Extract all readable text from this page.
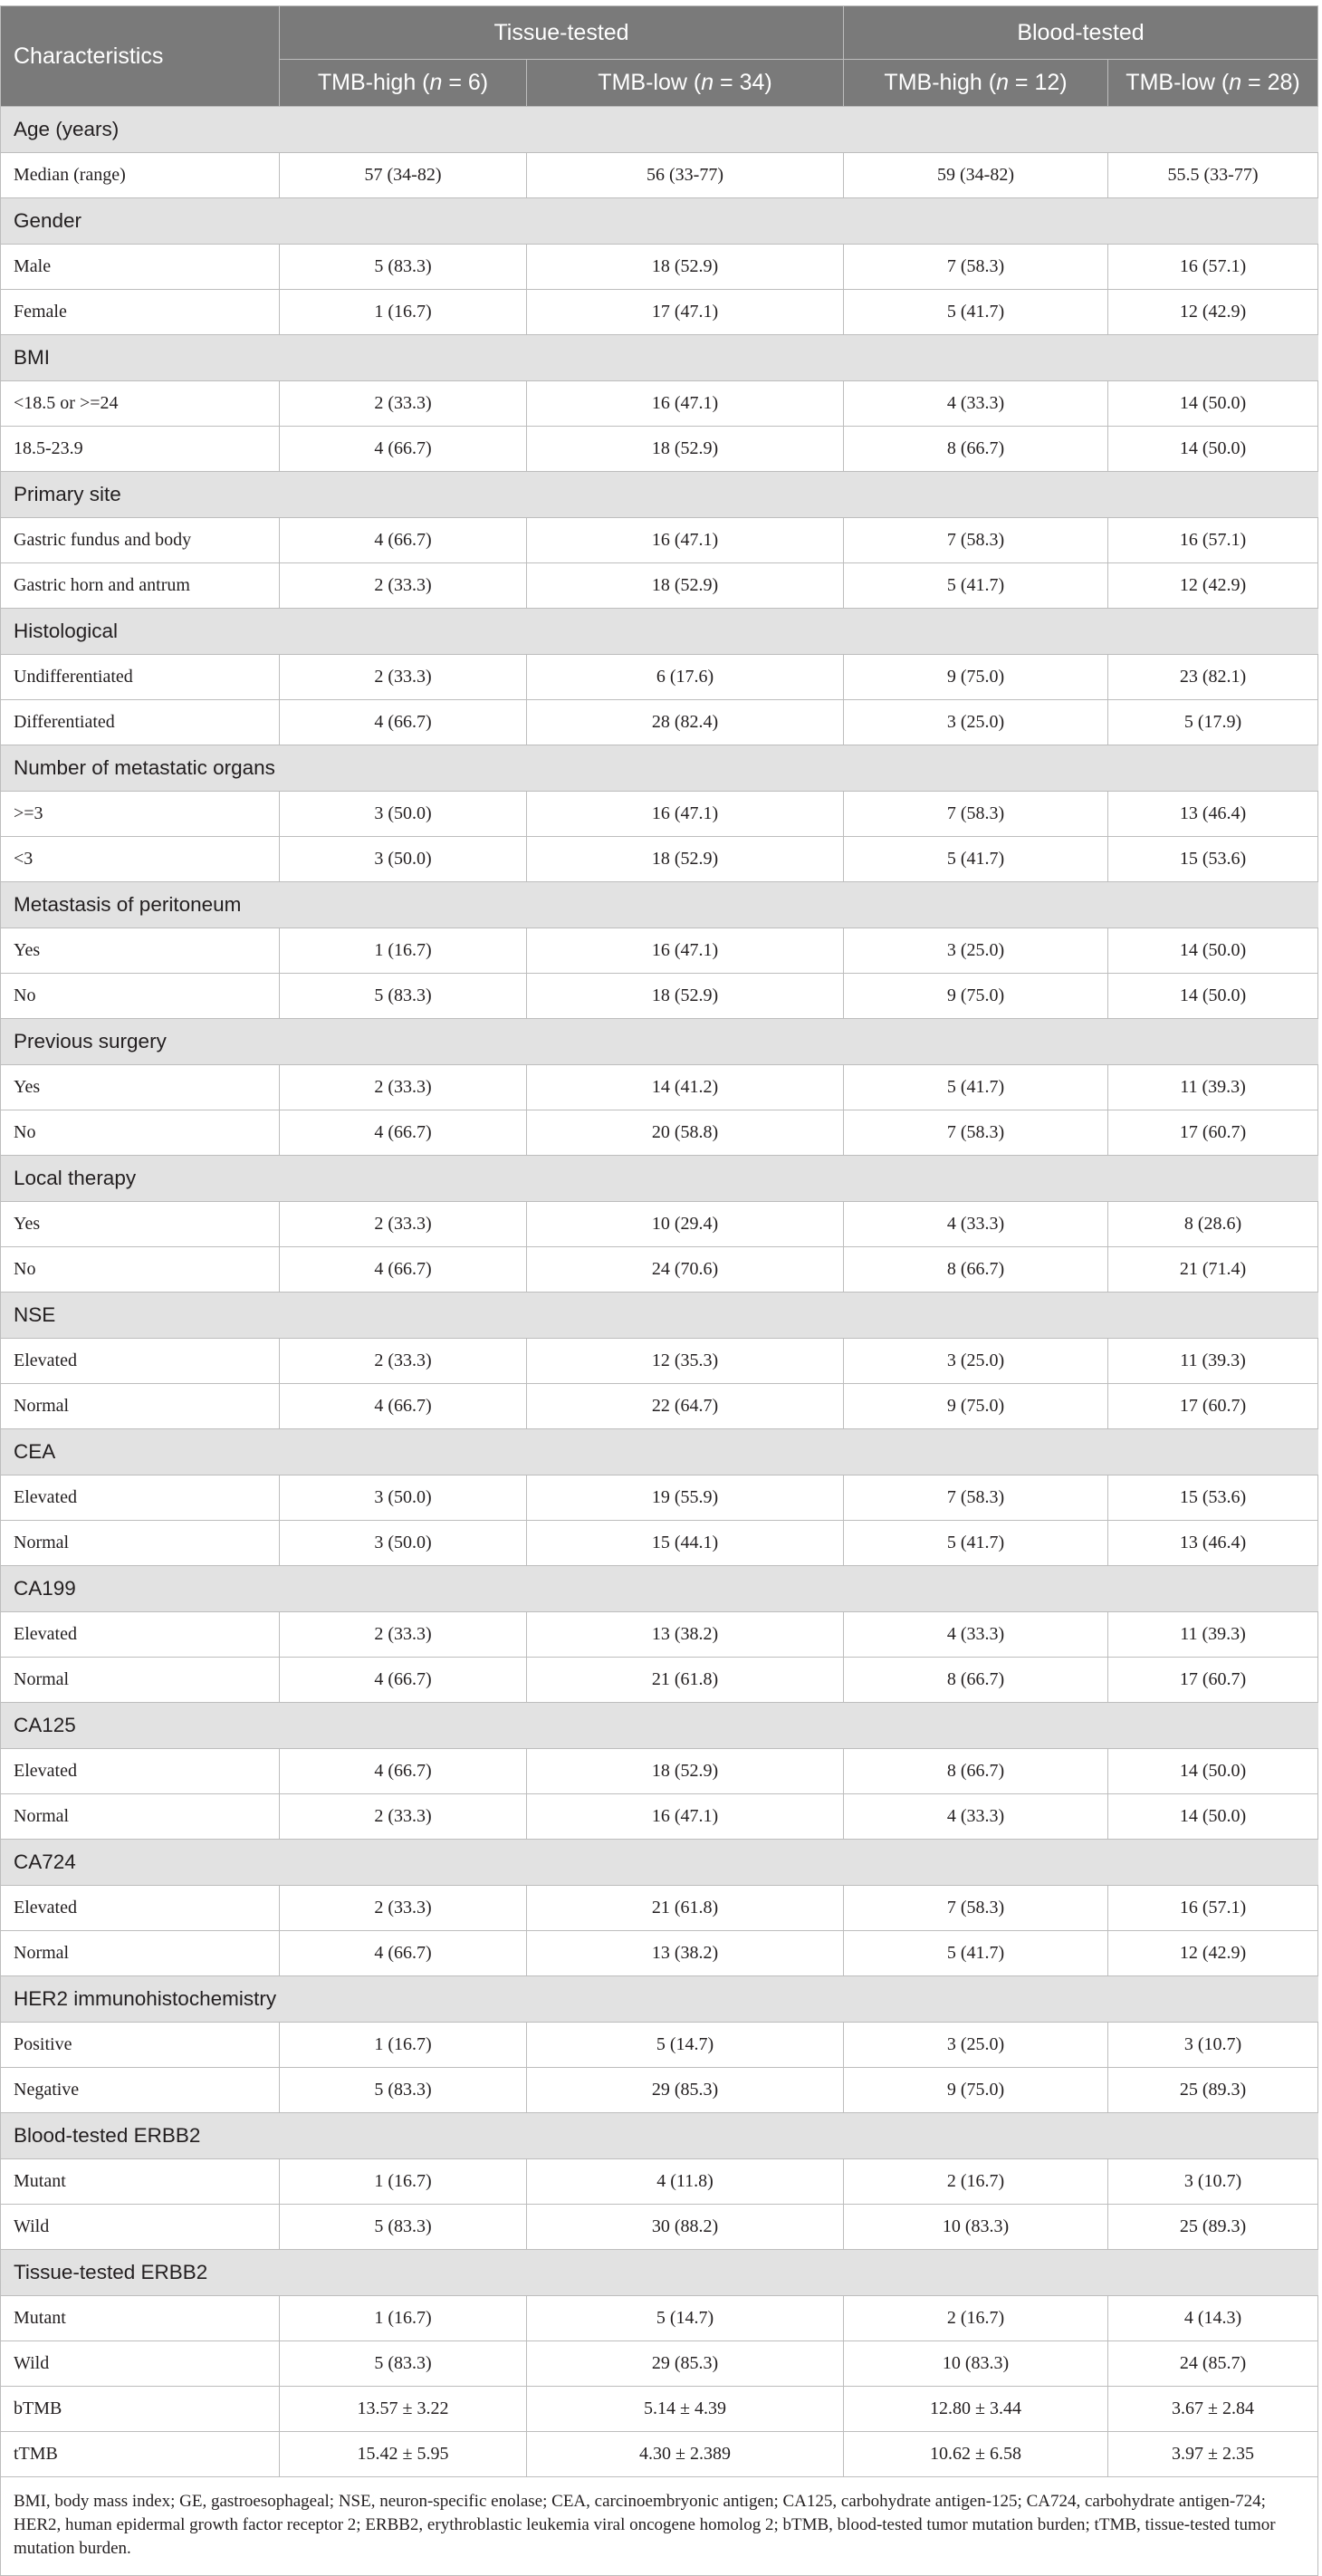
Characteristics	Tissue-tested		Blood-tested	
	TMB-high (n = 6)	TMB-low (n = 34)	TMB-high (n = 12)	TMB-low (n = 28)
Age (years)				
Median (range)	57 (34-82)	56 (33-77)	59 (34-82)	55.5 (33-77)
Gender				
Male	5 (83.3)	18 (52.9)	7 (58.3)	16 (57.1)
Female	1 (16.7)	17 (47.1)	5 (41.7)	12 (42.9)
BMI				
<18.5 or >=24	2 (33.3)	16 (47.1)	4 (33.3)	14 (50.0)
18.5-23.9	4 (66.7)	18 (52.9)	8 (66.7)	14 (50.0)
Primary site				
Gastric fundus and body	4 (66.7)	16 (47.1)	7 (58.3)	16 (57.1)
Gastric horn and antrum	2 (33.3)	18 (52.9)	5 (41.7)	12 (42.9)
Histological				
Undifferentiated	2 (33.3)	6 (17.6)	9 (75.0)	23 (82.1)
Differentiated	4 (66.7)	28 (82.4)	3 (25.0)	5 (17.9)
Number of metastatic organs				
>=3	3 (50.0)	16 (47.1)	7 (58.3)	13 (46.4)
<3	3 (50.0)	18 (52.9)	5 (41.7)	15 (53.6)
Metastasis of peritoneum				
Yes	1 (16.7)	16 (47.1)	3 (25.0)	14 (50.0)
No	5 (83.3)	18 (52.9)	9 (75.0)	14 (50.0)
Previous surgery				
Yes	2 (33.3)	14 (41.2)	5 (41.7)	11 (39.3)
No	4 (66.7)	20 (58.8)	7 (58.3)	17 (60.7)
Local therapy				
Yes	2 (33.3)	10 (29.4)	4 (33.3)	8 (28.6)
No	4 (66.7)	24 (70.6)	8 (66.7)	21 (71.4)
NSE				
Elevated	2 (33.3)	12 (35.3)	3 (25.0)	11 (39.3)
Normal	4 (66.7)	22 (64.7)	9 (75.0)	17 (60.7)
CEA				
Elevated	3 (50.0)	19 (55.9)	7 (58.3)	15 (53.6)
Normal	3 (50.0)	15 (44.1)	5 (41.7)	13 (46.4)
CA199				
Elevated	2 (33.3)	13 (38.2)	4 (33.3)	11 (39.3)
Normal	4 (66.7)	21 (61.8)	8 (66.7)	17 (60.7)
CA125				
Elevated	4 (66.7)	18 (52.9)	8 (66.7)	14 (50.0)
Normal	2 (33.3)	16 (47.1)	4 (33.3)	14 (50.0)
CA724				
Elevated	2 (33.3)	21 (61.8)	7 (58.3)	16 (57.1)
Normal	4 (66.7)	13 (38.2)	5 (41.7)	12 (42.9)
HER2 immunohistochemistry				
Positive	1 (16.7)	5 (14.7)	3 (25.0)	3 (10.7)
Negative	5 (83.3)	29 (85.3)	9 (75.0)	25 (89.3)
Blood-tested ERBB2				
Mutant	1 (16.7)	4 (11.8)	2 (16.7)	3 (10.7)
Wild	5 (83.3)	30 (88.2)	10 (83.3)	25 (89.3)
Tissue-tested ERBB2				
Mutant	1 (16.7)	5 (14.7)	2 (16.7)	4 (14.3)
Wild	5 (83.3)	29 (85.3)	10 (83.3)	24 (85.7)
bTMB	13.57 ± 3.22	5.14 ± 4.39	12.80 ± 3.44	3.67 ± 2.84
tTMB	15.42 ± 5.95	4.30 ± 2.389	10.62 ± 6.58	3.97 ± 2.35
BMI, body mass index; GE, gastroesophageal; NSE, neuron-specific enolase; CEA, carcinoembryonic antigen; CA125, carbohydrate antigen-125; CA724, carbohydrate antigen-724; HER2, human epidermal growth factor receptor 2; ERBB2, erythroblastic leukemia viral oncogene homolog 2; bTMB, blood-tested tumor mutation burden; tTMB, tissue-tested tumor mutation burden.				
